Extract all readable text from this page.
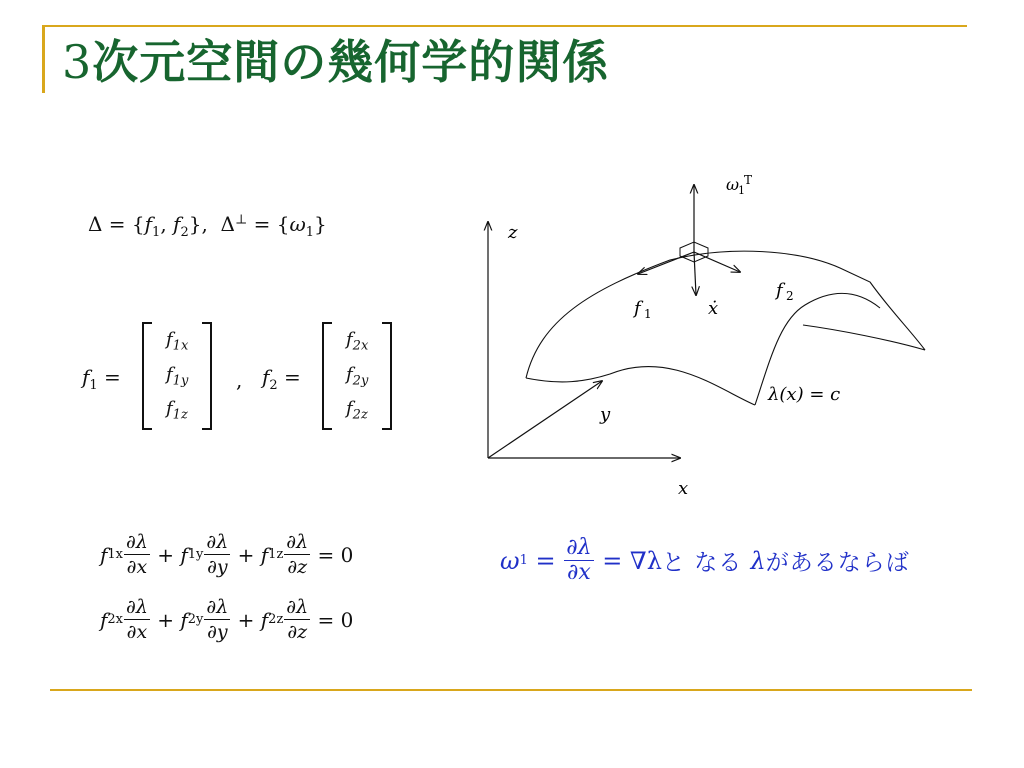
3次元空間の幾何学的関係
$\Delta = \{f_1$, $f_2$}, $\Delta^\perp = \{\omega_1\}$
$f_1$ =
$f_{1x}$
$f_{1y}$
$f_{1z}$
, $f_2$ =
$f_{2x}$
$f_{2y}$
$f_{2z}$
f $1x \frac{\partial\lambda}{\partial x} + f$ $1y \frac{\partial\lambda}{\partial y} + f$ $1z \frac{\partial\lambda}{\partial z} = 0$
f $2x \frac{\partial\lambda}{\partial x} + f$ $2y \frac{\partial\lambda}{\partial y} + f$ $2z \frac{\partial\lambda}{\partial z} = 0$
ω $1 = \frac{\partial\lambda}{\partial x} = \nabla\lambda$ と なる λ があるならば
z
x
y
ω
1
T
f 1
f 2
ẋ
λ(x) = c
